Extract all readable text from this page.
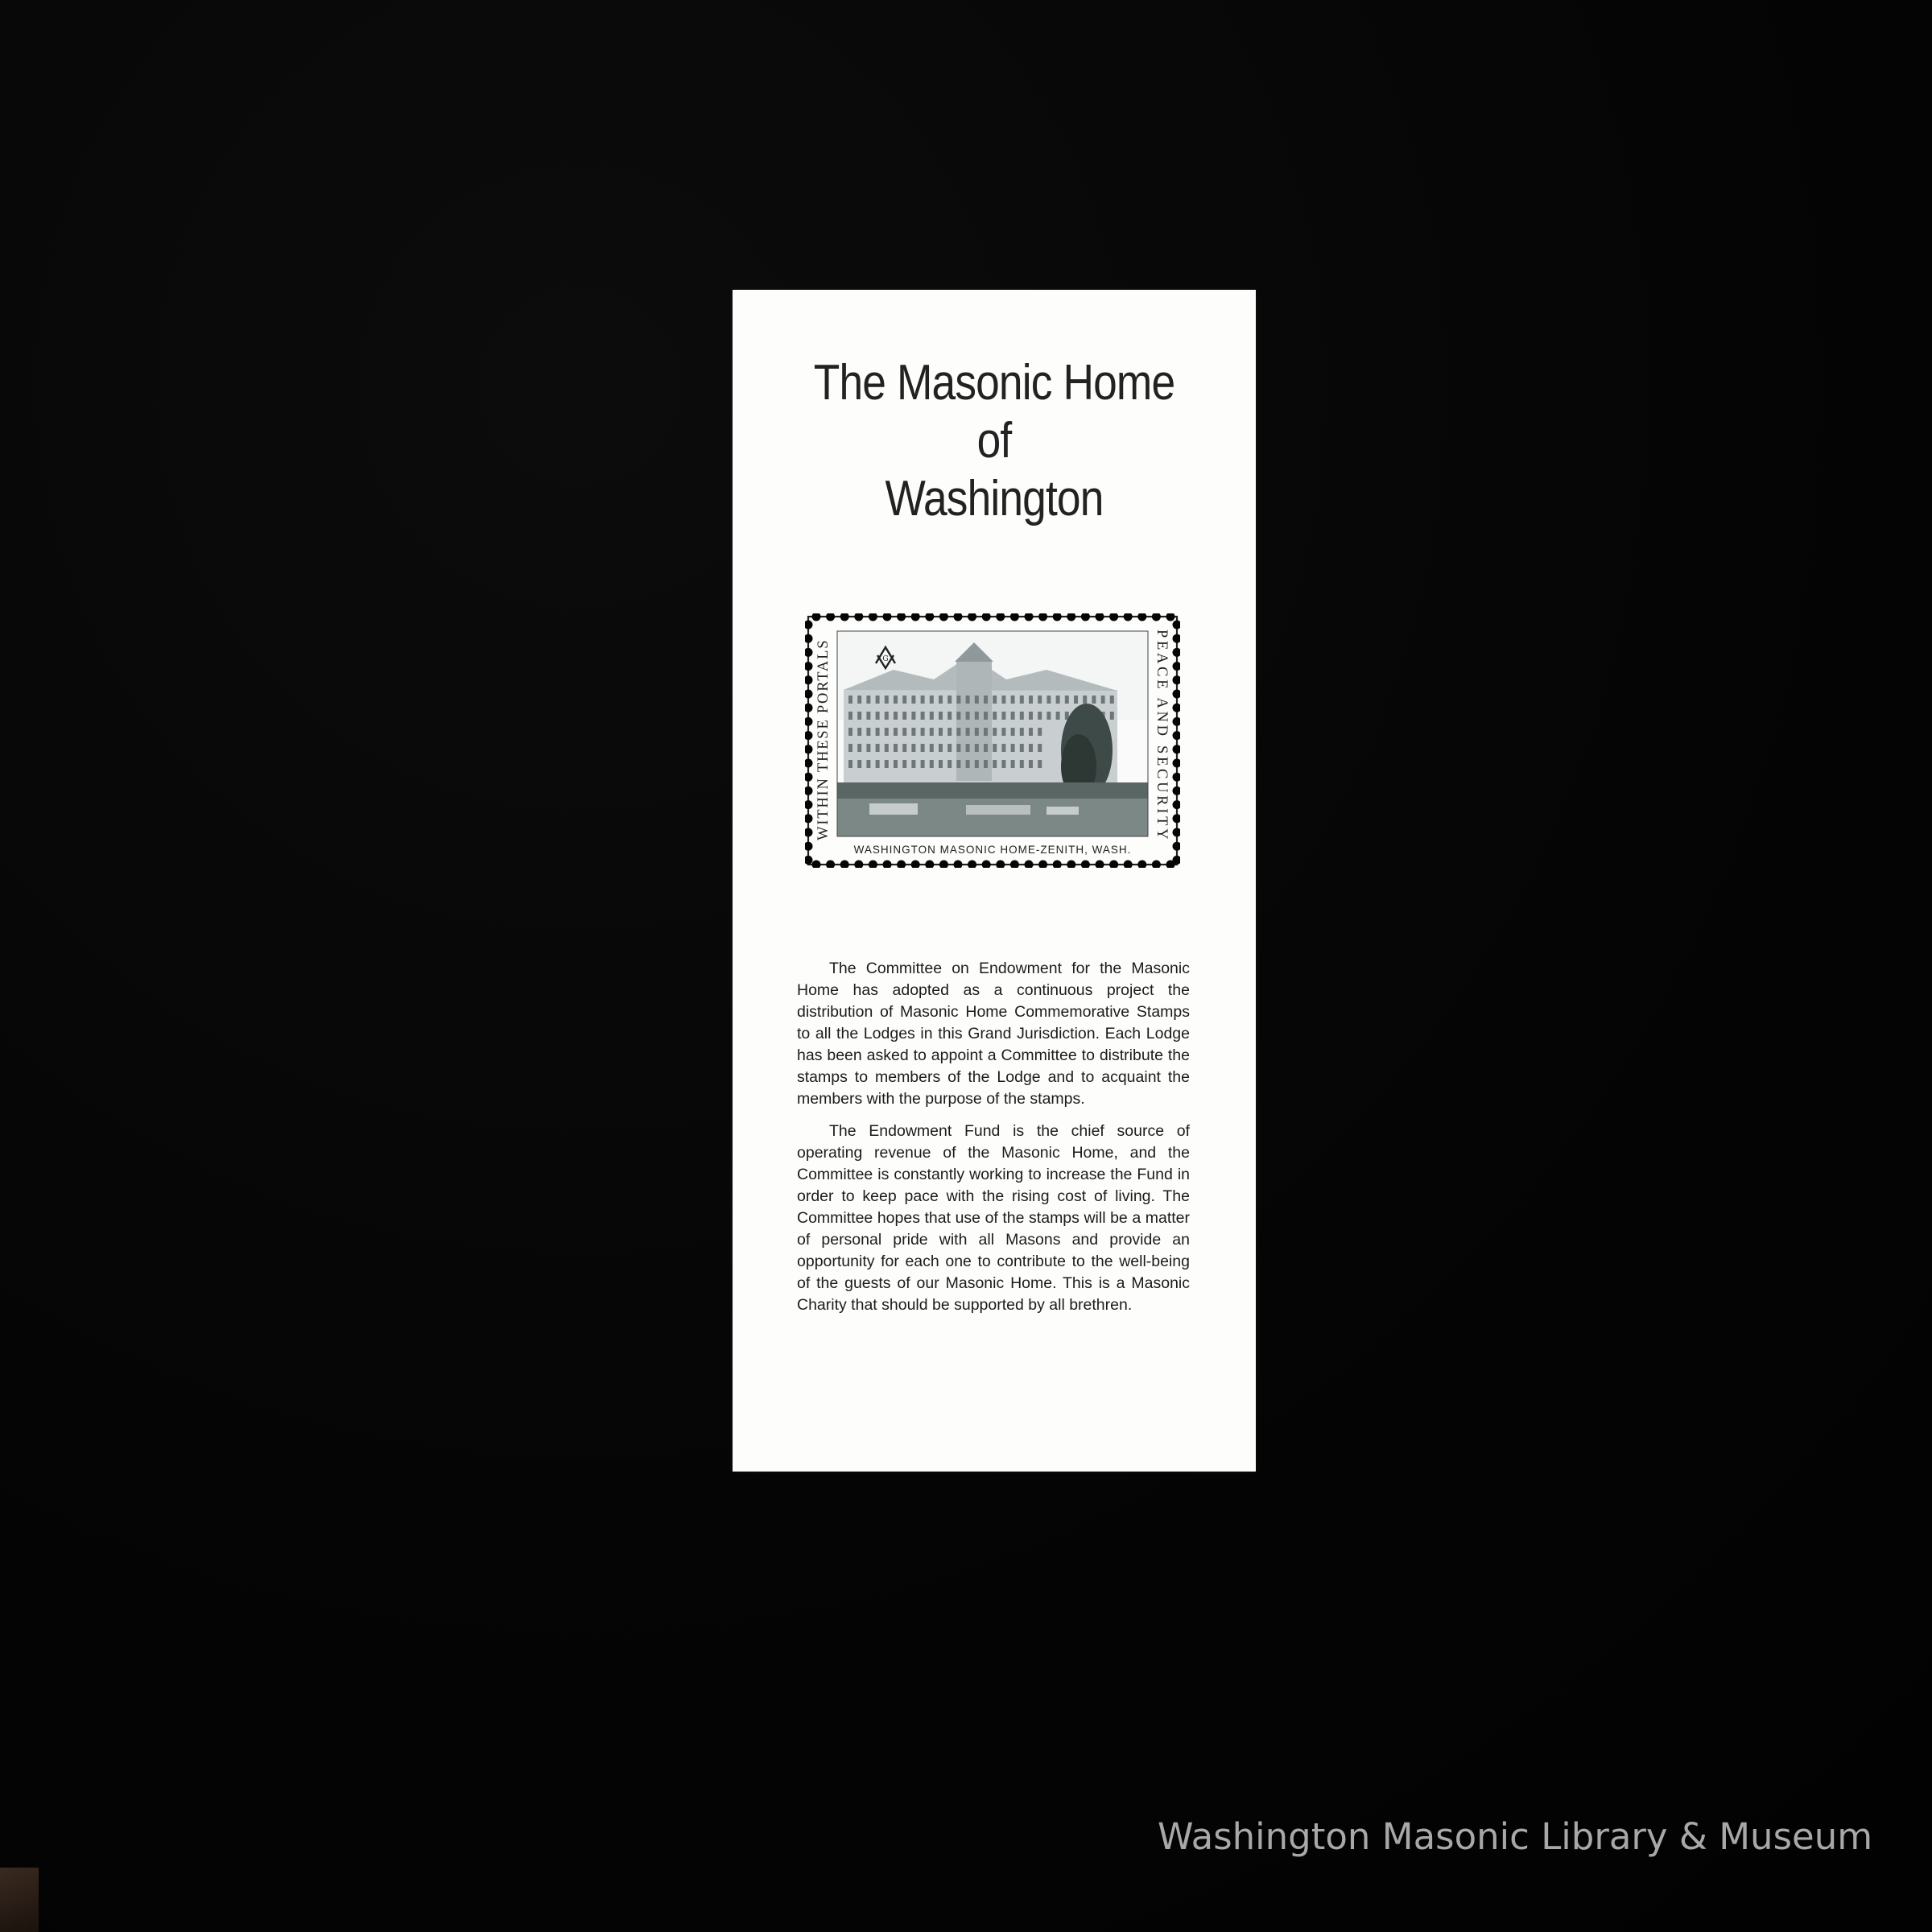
The Masonic Home
of
Washington
G
WITHIN THESE PORTALS
PEACE AND SECURITY
WASHINGTON MASONIC HOME-ZENITH, WASH.

The Committee on Endowment for the Masonic Home has adopted as a continuous project the distribution of Masonic Home Commemorative Stamps to all the Lodges in this Grand Jurisdiction. Each Lodge has been asked to appoint a Committee to distribute the stamps to members of the Lodge and to acquaint the members with the purpose of the stamps.

The Endowment Fund is the chief source of operating revenue of the Masonic Home, and the Committee is constantly working to increase the Fund in order to keep pace with the rising cost of living. The Committee hopes that use of the stamps will be a matter of personal pride with all Masons and provide an opportunity for each one to contribute to the well-being of the guests of our Masonic Home. This is a Masonic Charity that should be supported by all brethren.

Washington Masonic Library & Museum
